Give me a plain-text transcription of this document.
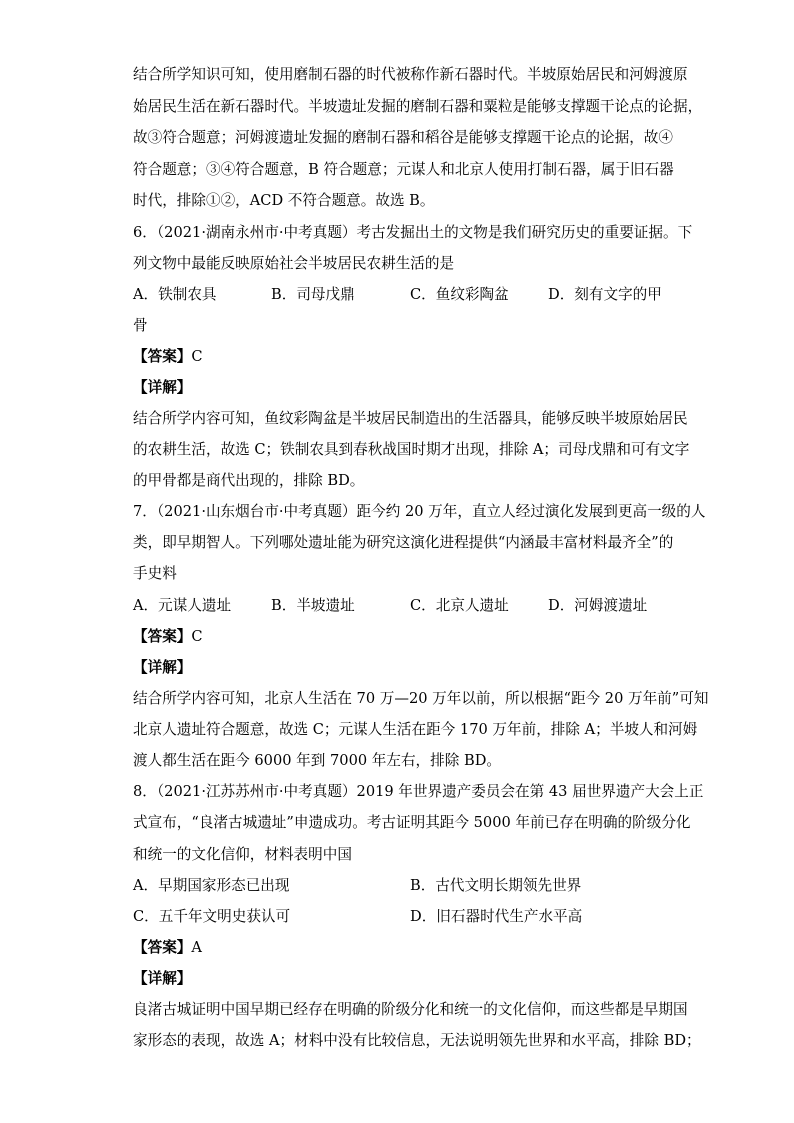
结合所学知识可知，使用磨制石器的时代被称作新石器时代。半坡原始居民和河姆渡原
始居民生活在新石器时代。半坡遗址发掘的磨制石器和粟粒是能够支撑题干论点的论据，
故③符合题意；河姆渡遗址发掘的磨制石器和稻谷是能够支撑题干论点的论据，故④
符合题意；③④符合题意，B 符合题意；元谋人和北京人使用打制石器，属于旧石器
时代，排除①②，ACD 不符合题意。故选 B。
6．（2021·湖南永州市·中考真题）考古发掘出土的文物是我们研究历史的重要证据。下
列文物中最能反映原始社会半坡居民农耕生活的是
A．铁制农具	B．司母戊鼎	C．鱼纹彩陶盆	D．刻有文字的甲
骨
【答案】C
【详解】
结合所学内容可知，鱼纹彩陶盆是半坡居民制造出的生活器具，能够反映半坡原始居民
的农耕生活，故选 C；铁制农具到春秋战国时期才出现，排除 A；司母戊鼎和可有文字
的甲骨都是商代出现的，排除 BD。
7．（2021·山东烟台市·中考真题）距今约 20 万年，直立人经过演化发展到更高一级的人
类，即早期智人。下列哪处遗址能为研究这演化进程提供“内涵最丰富材料最齐全”的
手史料
A．元谋人遗址	B．半坡遗址	C．北京人遗址	D．河姆渡遗址
【答案】C
【详解】
结合所学内容可知，北京人生活在 70 万—20 万年以前，所以根据“距今 20 万年前”可知
北京人遗址符合题意，故选 C；元谋人生活在距今 170 万年前，排除 A；半坡人和河姆
渡人都生活在距今 6000 年到 7000 年左右，排除 BD。
8．（2021·江苏苏州市·中考真题）2019 年世界遗产委员会在第 43 届世界遗产大会上正
式宣布，“良渚古城遗址”申遗成功。考古证明其距今 5000 年前已存在明确的阶级分化
和统一的文化信仰，材料表明中国
A．早期国家形态已出现	B．古代文明长期领先世界
C．五千年文明史获认可	D．旧石器时代生产水平高
【答案】A
【详解】
良渚古城证明中国早期已经存在明确的阶级分化和统一的文化信仰，而这些都是早期国
家形态的表现，故选 A；材料中没有比较信息，无法说明领先世界和水平高，排除 BD；
